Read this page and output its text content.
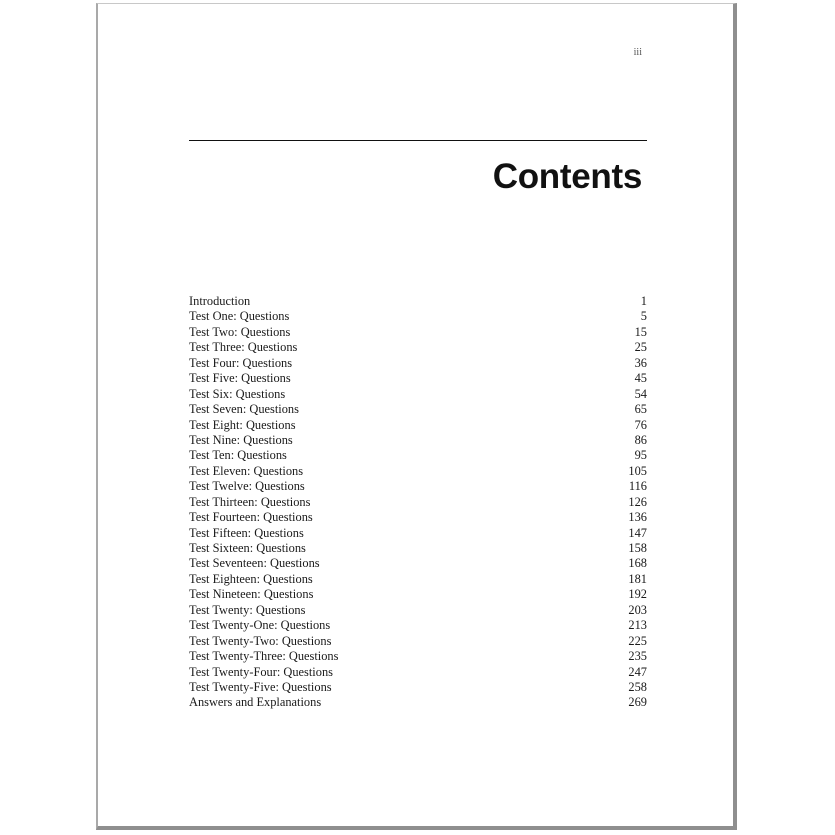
iii
Contents
Introduction	1
Test One: Questions	5
Test Two: Questions	15
Test Three: Questions	25
Test Four: Questions	36
Test Five: Questions	45
Test Six: Questions	54
Test Seven: Questions	65
Test Eight: Questions	76
Test Nine: Questions	86
Test Ten: Questions	95
Test Eleven: Questions	105
Test Twelve: Questions	116
Test Thirteen: Questions	126
Test Fourteen: Questions	136
Test Fifteen: Questions	147
Test Sixteen: Questions	158
Test Seventeen: Questions	168
Test Eighteen: Questions	181
Test Nineteen: Questions	192
Test Twenty: Questions	203
Test Twenty-One: Questions	213
Test Twenty-Two: Questions	225
Test Twenty-Three: Questions	235
Test Twenty-Four: Questions	247
Test Twenty-Five: Questions	258
Answers and Explanations	269
